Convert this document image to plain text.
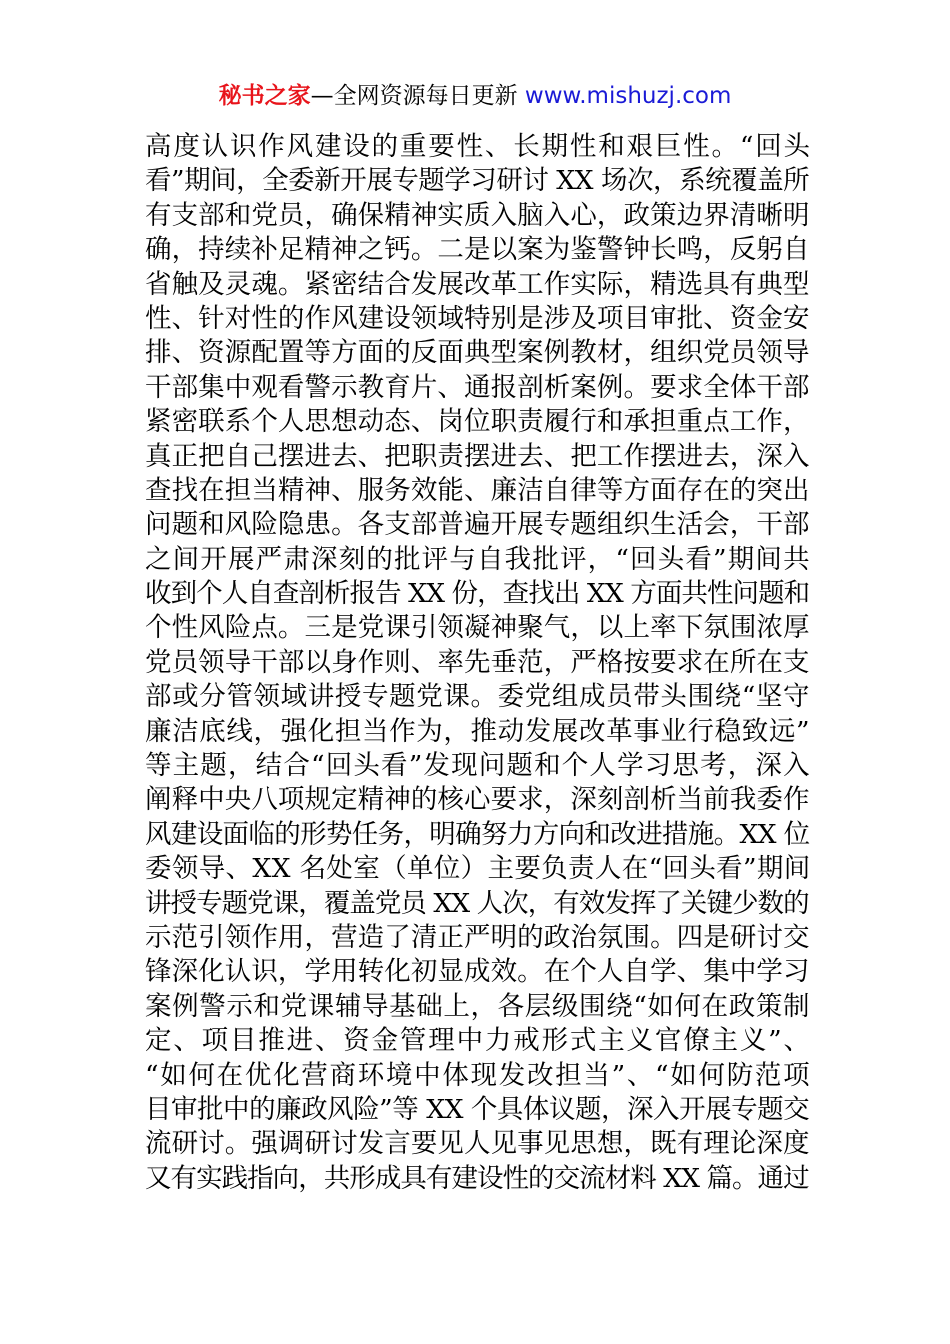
秘书之家—全网资源每日更新 www.mishuzj.com
高度认识作风建设的重要性、长期性和艰巨性。“回头
看”期间，全委新开展专题学习研讨 XX 场次，系统覆盖所
有支部和党员，确保精神实质入脑入心，政策边界清晰明
确，持续补足精神之钙。二是以案为鉴警钟长鸣，反躬自
省触及灵魂。紧密结合发展改革工作实际，精选具有典型
性、针对性的作风建设领域特别是涉及项目审批、资金安
排、资源配置等方面的反面典型案例教材，组织党员领导
干部集中观看警示教育片、通报剖析案例。要求全体干部
紧密联系个人思想动态、岗位职责履行和承担重点工作，
真正把自己摆进去、把职责摆进去、把工作摆进去，深入
查找在担当精神、服务效能、廉洁自律等方面存在的突出
问题和风险隐患。各支部普遍开展专题组织生活会，干部
之间开展严肃深刻的批评与自我批评，“回头看”期间共
收到个人自查剖析报告 XX 份，查找出 XX 方面共性问题和
个性风险点。三是党课引领凝神聚气，以上率下氛围浓厚
党员领导干部以身作则、率先垂范，严格按要求在所在支
部或分管领域讲授专题党课。委党组成员带头围绕“坚守
廉洁底线，强化担当作为，推动发展改革事业行稳致远”
等主题，结合“回头看”发现问题和个人学习思考，深入
阐释中央八项规定精神的核心要求，深刻剖析当前我委作
风建设面临的形势任务，明确努力方向和改进措施。XX 位
委领导、XX 名处室（单位）主要负责人在“回头看”期间
讲授专题党课，覆盖党员 XX 人次，有效发挥了关键少数的
示范引领作用，营造了清正严明的政治氛围。四是研讨交
锋深化认识，学用转化初显成效。在个人自学、集中学习
案例警示和党课辅导基础上，各层级围绕“如何在政策制
定、项目推进、资金管理中力戒形式主义官僚主义”、
“如何在优化营商环境中体现发改担当”、“如何防范项
目审批中的廉政风险”等 XX 个具体议题，深入开展专题交
流研讨。强调研讨发言要见人见事见思想，既有理论深度
又有实践指向，共形成具有建设性的交流材料 XX 篇。通过
